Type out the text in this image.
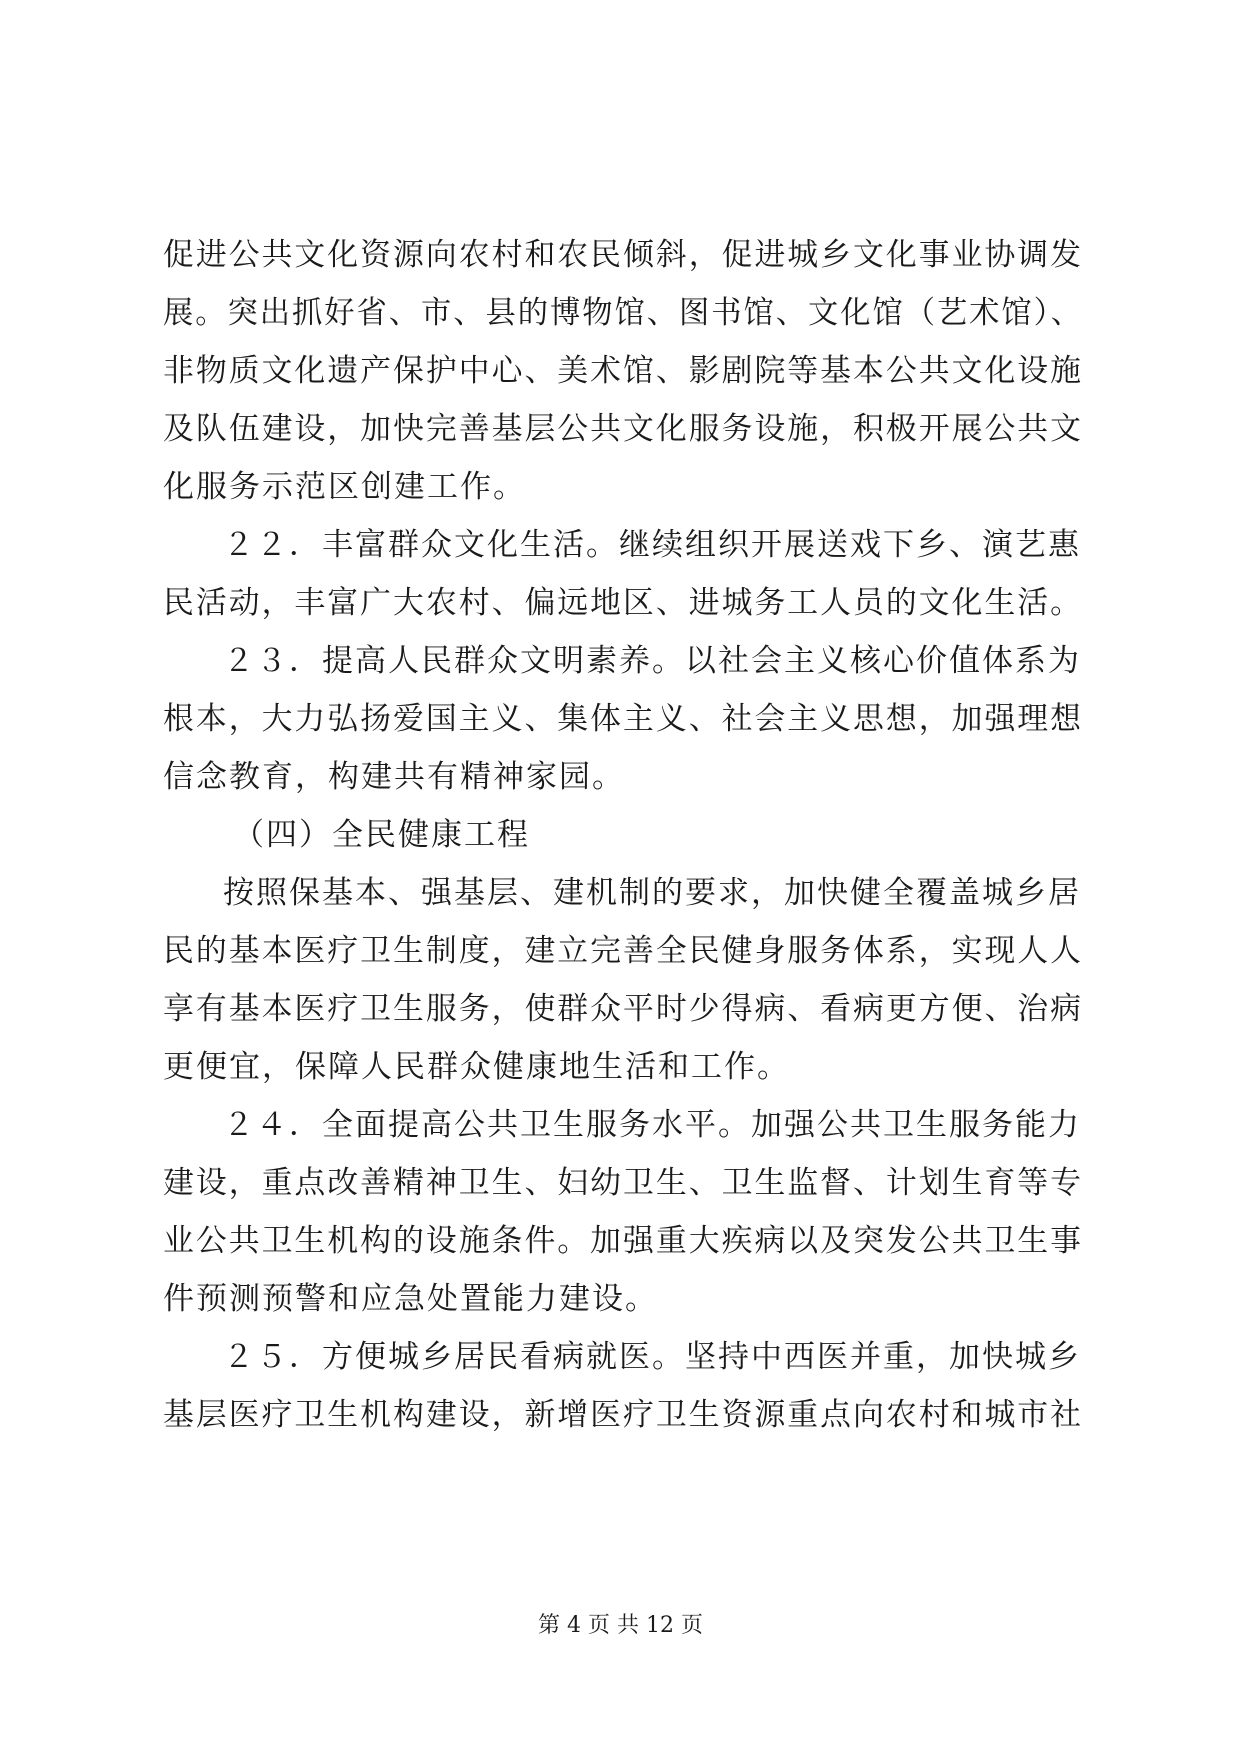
促进公共文化资源向农村和农民倾斜，促进城乡文化事业协调发
展。突出抓好省、市、县的博物馆、图书馆、文化馆（艺术馆）、
非物质文化遗产保护中心、美术馆、影剧院等基本公共文化设施
及队伍建设，加快完善基层公共文化服务设施，积极开展公共文
化服务示范区创建工作。
２２．丰富群众文化生活。继续组织开展送戏下乡、演艺惠
民活动，丰富广大农村、偏远地区、进城务工人员的文化生活。
２３．提高人民群众文明素养。以社会主义核心价值体系为
根本，大力弘扬爱国主义、集体主义、社会主义思想，加强理想
信念教育，构建共有精神家园。
（四）全民健康工程
按照保基本、强基层、建机制的要求，加快健全覆盖城乡居
民的基本医疗卫生制度，建立完善全民健身服务体系，实现人人
享有基本医疗卫生服务，使群众平时少得病、看病更方便、治病
更便宜，保障人民群众健康地生活和工作。
２４．全面提高公共卫生服务水平。加强公共卫生服务能力
建设，重点改善精神卫生、妇幼卫生、卫生监督、计划生育等专
业公共卫生机构的设施条件。加强重大疾病以及突发公共卫生事
件预测预警和应急处置能力建设。
２５．方便城乡居民看病就医。坚持中西医并重，加快城乡
基层医疗卫生机构建设，新增医疗卫生资源重点向农村和城市社
第 4 页 共 12 页
